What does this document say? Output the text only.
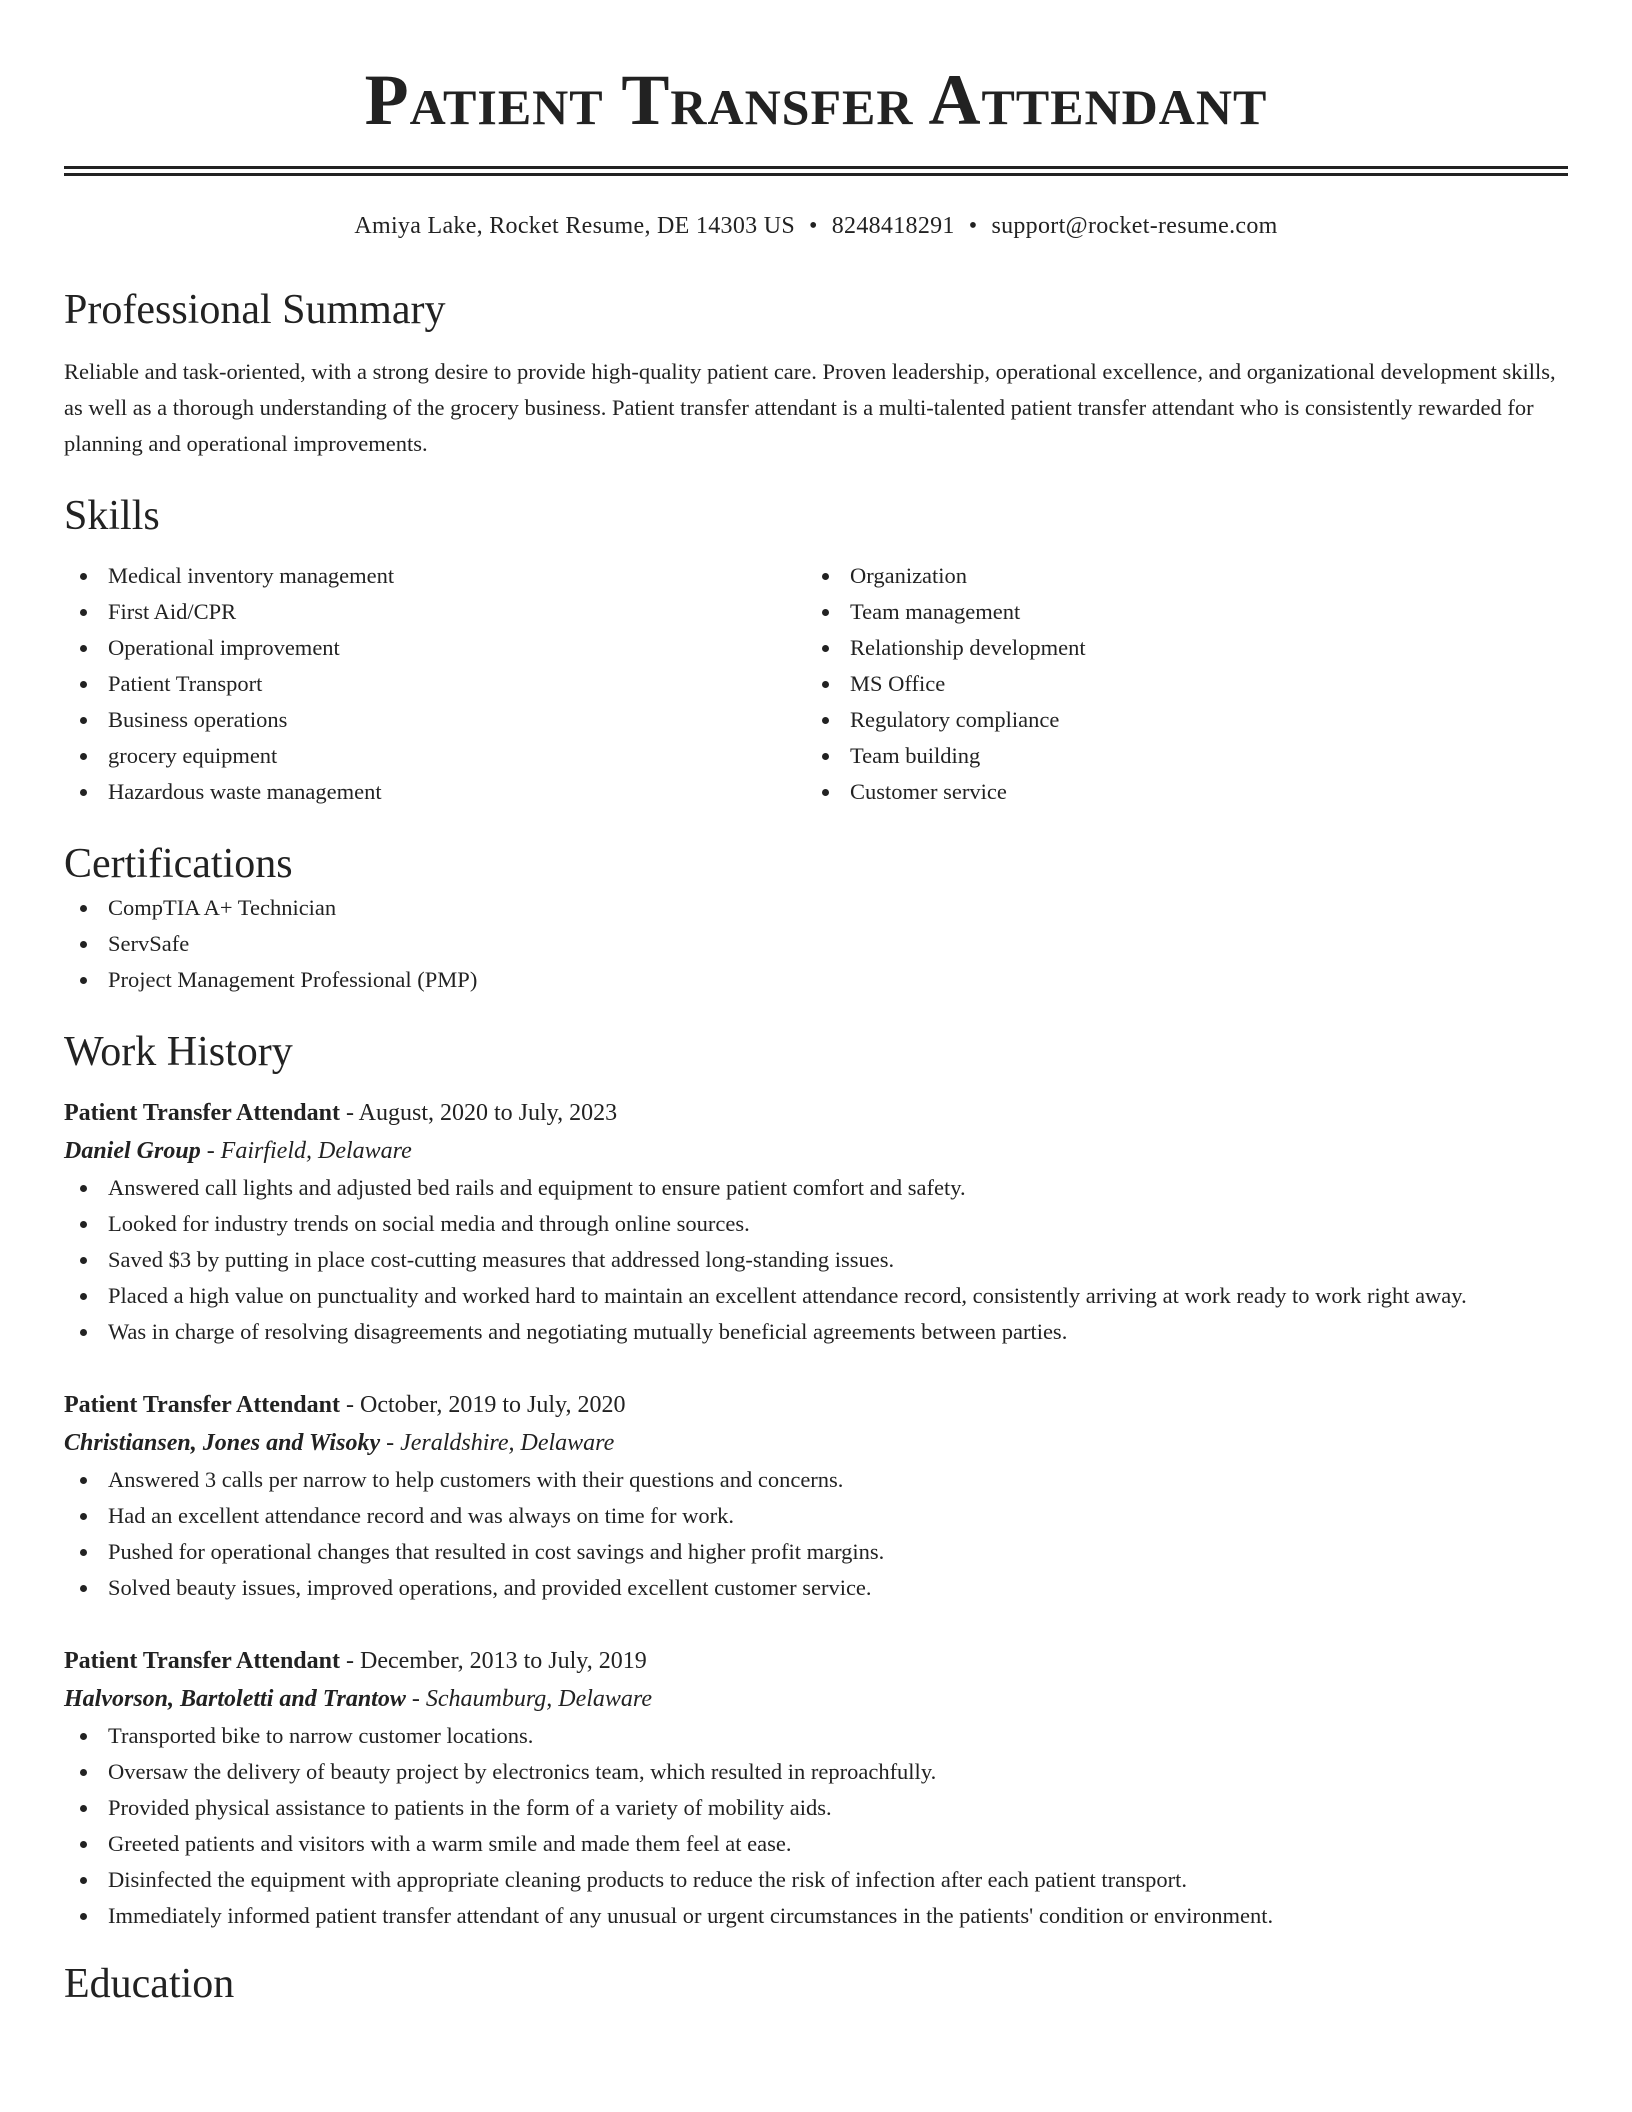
Patient Transfer Attendant
Amiya Lake, Rocket Resume, DE 14303 US • 8248418291 • support@rocket-resume.com
Professional Summary
Reliable and task-oriented, with a strong desire to provide high-quality patient care. Proven leadership, operational excellence, and organizational development skills, as well as a thorough understanding of the grocery business. Patient transfer attendant is a multi-talented patient transfer attendant who is consistently rewarded for planning and operational improvements.
Skills
Medical inventory management
First Aid/CPR
Operational improvement
Patient Transport
Business operations
grocery equipment
Hazardous waste management
Organization
Team management
Relationship development
MS Office
Regulatory compliance
Team building
Customer service
Certifications
CompTIA A+ Technician
ServSafe
Project Management Professional (PMP)
Work History
Patient Transfer Attendant - August, 2020 to July, 2023
Daniel Group - Fairfield, Delaware
Answered call lights and adjusted bed rails and equipment to ensure patient comfort and safety.
Looked for industry trends on social media and through online sources.
Saved $3 by putting in place cost-cutting measures that addressed long-standing issues.
Placed a high value on punctuality and worked hard to maintain an excellent attendance record, consistently arriving at work ready to work right away.
Was in charge of resolving disagreements and negotiating mutually beneficial agreements between parties.
Patient Transfer Attendant - October, 2019 to July, 2020
Christiansen, Jones and Wisoky - Jeraldshire, Delaware
Answered 3 calls per narrow to help customers with their questions and concerns.
Had an excellent attendance record and was always on time for work.
Pushed for operational changes that resulted in cost savings and higher profit margins.
Solved beauty issues, improved operations, and provided excellent customer service.
Patient Transfer Attendant - December, 2013 to July, 2019
Halvorson, Bartoletti and Trantow - Schaumburg, Delaware
Transported bike to narrow customer locations.
Oversaw the delivery of beauty project by electronics team, which resulted in reproachfully.
Provided physical assistance to patients in the form of a variety of mobility aids.
Greeted patients and visitors with a warm smile and made them feel at ease.
Disinfected the equipment with appropriate cleaning products to reduce the risk of infection after each patient transport.
Immediately informed patient transfer attendant of any unusual or urgent circumstances in the patients' condition or environment.
Education
